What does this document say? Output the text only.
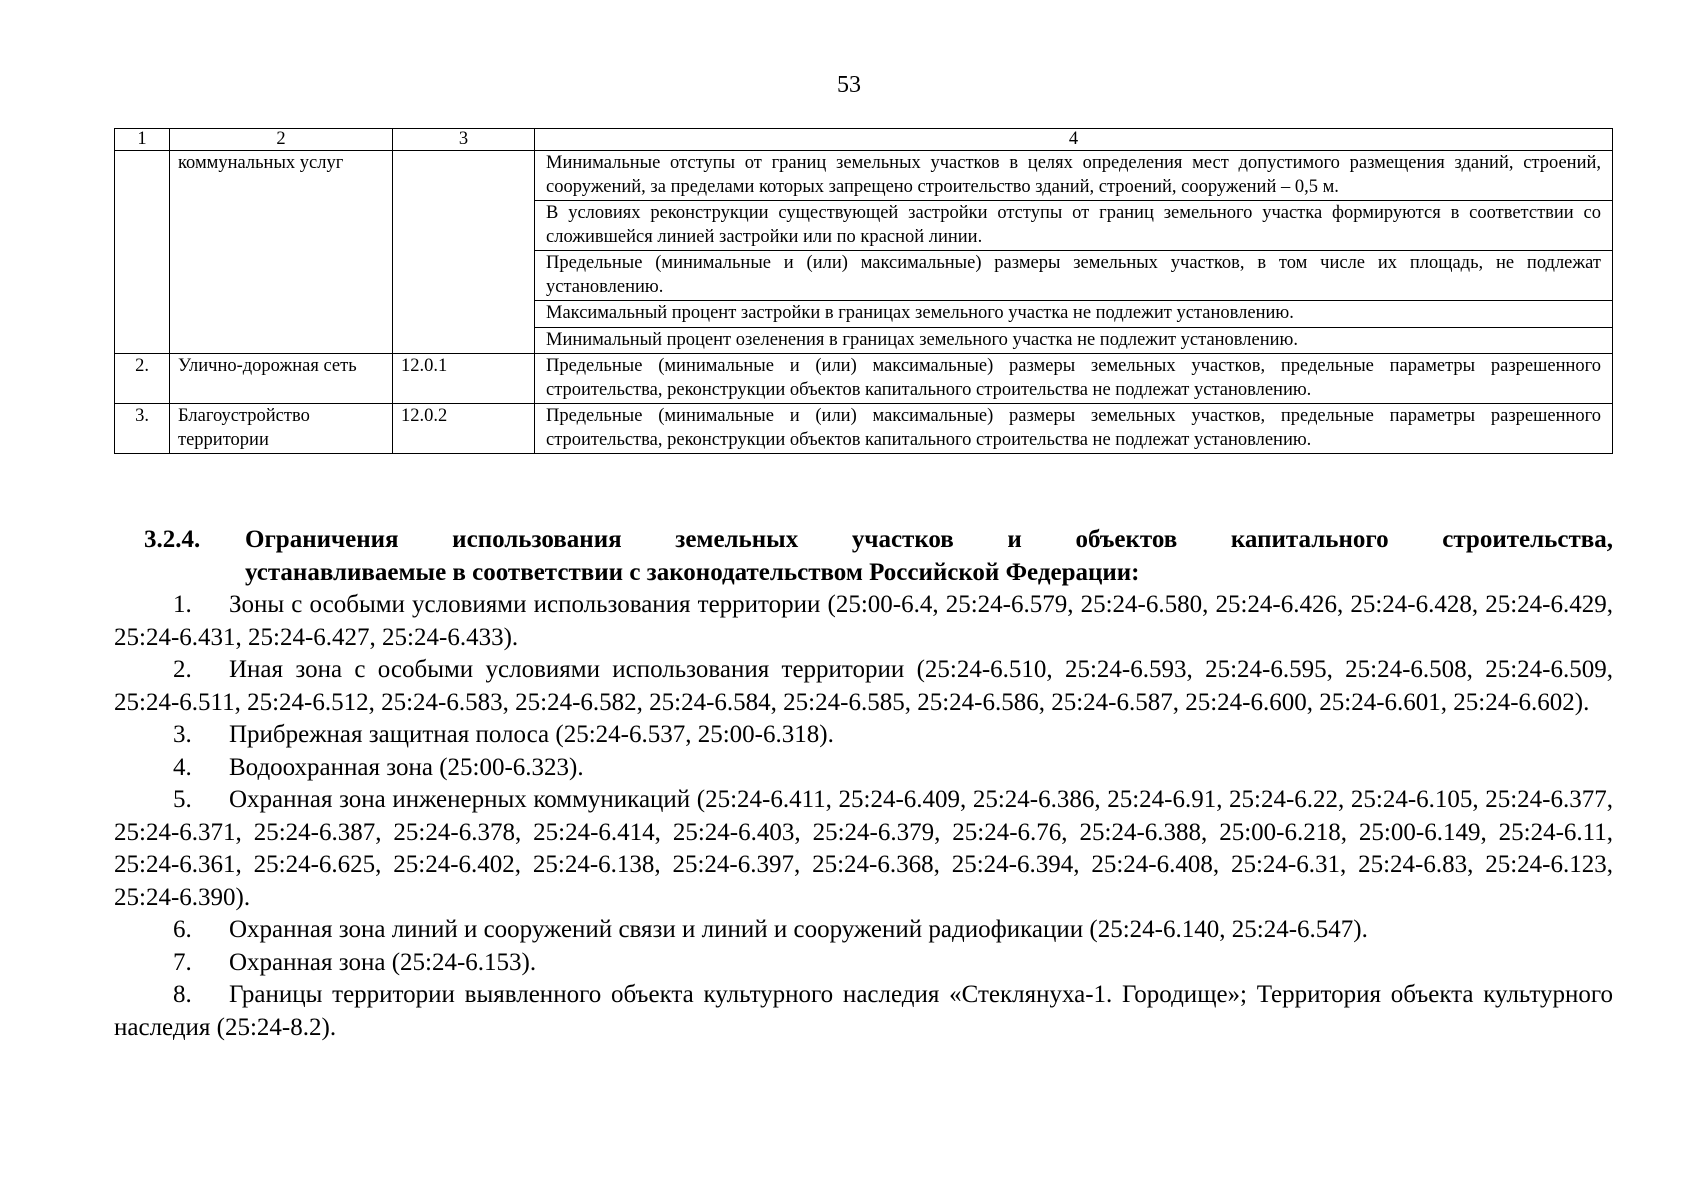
53
1	2	3	4
	коммунальных услуг		Минимальные отступы от границ земельных участков в целях определения мест допустимого размещения зданий, строений, сооружений, за пределами которых запрещено строительство зданий, строений, сооружений – 0,5 м.
			В условиях реконструкции существующей застройки отступы от границ земельного участка формируются в соответствии со сложившейся линией застройки или по красной линии.
			Предельные (минимальные и (или) максимальные) размеры земельных участков, в том числе их площадь, не подлежат установлению.
			Максимальный процент застройки в границах земельного участка не подлежит установлению.
			Минимальный процент озеленения в границах земельного участка не подлежит установлению.
2.	Улично-дорожная сеть	12.0.1	Предельные (минимальные и (или) максимальные) размеры земельных участков, предельные параметры разрешенного строительства, реконструкции объектов капитального строительства не подлежат установлению.
3.	Благоустройство территории	12.0.2	Предельные (минимальные и (или) максимальные) размеры земельных участков, предельные параметры разрешенного строительства, реконструкции объектов капитального строительства не подлежат установлению.
3.2.4. Ограничения использования земельных участков и объектов капитального строительства,
устанавливаемые в соответствии с законодательством Российской Федерации:

1. Зоны с особыми условиями использования территории (25:00-6.4, 25:24-6.579, 25:24-6.580, 25:24-6.426, 25:24-6.428, 25:24-6.429, 25:24-6.431, 25:24-6.427, 25:24-6.433).

2. Иная зона с особыми условиями использования территории (25:24-6.510, 25:24-6.593, 25:24-6.595, 25:24-6.508, 25:24-6.509, 25:24-6.511, 25:24-6.512, 25:24-6.583, 25:24-6.582, 25:24-6.584, 25:24-6.585, 25:24-6.586, 25:24-6.587, 25:24-6.600, 25:24-6.601, 25:24-6.602).

3. Прибрежная защитная полоса (25:24-6.537, 25:00-6.318).

4. Водоохранная зона (25:00-6.323).

5. Охранная зона инженерных коммуникаций (25:24-6.411, 25:24-6.409, 25:24-6.386, 25:24-6.91, 25:24-6.22, 25:24-6.105, 25:24-6.377, 25:24-6.371, 25:24-6.387, 25:24-6.378, 25:24-6.414, 25:24-6.403, 25:24-6.379, 25:24-6.76, 25:24-6.388, 25:00-6.218, 25:00-6.149, 25:24-6.11, 25:24-6.361, 25:24-6.625, 25:24-6.402, 25:24-6.138, 25:24-6.397, 25:24-6.368, 25:24-6.394, 25:24-6.408, 25:24-6.31, 25:24-6.83, 25:24-6.123, 25:24-6.390).

6. Охранная зона линий и сооружений связи и линий и сооружений радиофикации (25:24-6.140, 25:24-6.547).

7. Охранная зона (25:24-6.153).

8. Границы территории выявленного объекта культурного наследия «Стеклянуха-1. Городище»; Территория объекта культурного наследия (25:24-8.2).
